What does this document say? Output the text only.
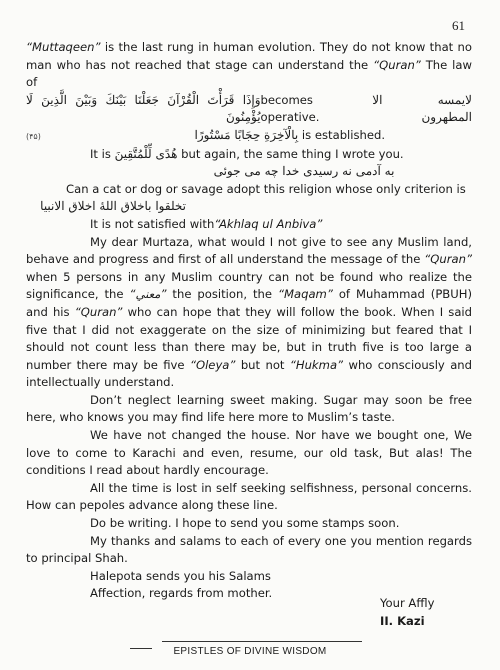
61

“Muttaqeen” is the last rung in human evolution. They do not know that no man who has not reached that stage can understand the “Quran” The law of

وَإِذَا قَرَأْتَ الْقُرْآنَ جَعَلْنَا بَيْنَكَ وَبَيْنَ الَّذِينَ لَا يُؤْمِنُونَ
becomes operative.
لايمسه الا المطهرون

(۴۵)	بِالْآخِرَةِ حِجَابًا مَسْتُورًا is established.

It is هُدًى لِّلْمُتَّقِينَ but again, the same thing I wrote you.

به آدمی نه رسیدی خدا چه می جوئی

Can a cat or dog or savage adopt this religion whose only criterion is

تخلقوا باخلاق اللهٔ اخلاق الانبیا

It is not satisfied with“Akhlaq ul Anbiva”

My dear Murtaza, what would I not give to see any Muslim land, behave and progress and first of all understand the message of the “Quran” when 5 persons in any Muslim country can not be found who realize the significance, the “معني” the position, the “Maqam” of Muhammad (PBUH) and his “Quran” who can hope that they will follow the book. When I said five that I did not exaggerate on the size of minimizing but feared that I should not count less than there may be, but in truth five is too large a number there may be five “Oleya” but not “Hukma” who consciously and intellectually understand.

Don’t neglect learning sweet making. Sugar may soon be free here, who knows you may find life here more to Muslim’s taste.

We have not changed the house. Nor have we bought one, We love to come to Karachi and even, resume, our old task, But alas! The conditions I read about hardly encourage.

All the time is lost in self seeking selfishness, personal concerns. How can pepoles advance along these line.

Do be writing. I hope to send you some stamps soon.

My thanks and salams to each of every one you mention regards to principal Shah.

Halepota sends you his Salams

Affection, regards from mother.

Your Affly
II. Kazi
EPISTLES OF DIVINE WISDOM
